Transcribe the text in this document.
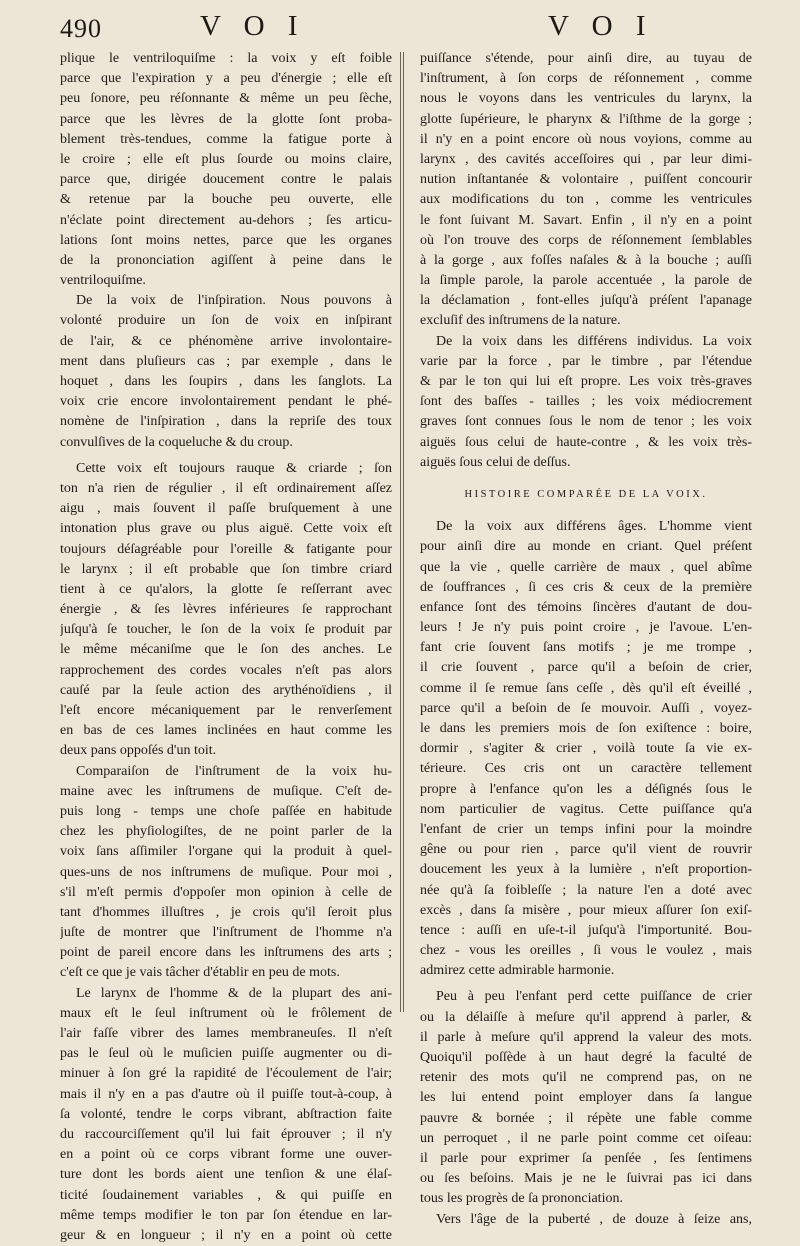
490	V O I	V O I
plique le ventriloquiſme : la voix y eſt foible
parce que l'expiration y a peu d'énergie ; elle eſt
peu ſonore, peu réſonnante & même un peu ſèche,
parce que les lèvres de la glotte ſont proba-
blement très-tendues, comme la fatigue porte à
le croire ; elle eſt plus ſourde ou moins claire,
parce que, dirigée doucement contre le palais
& retenue par la bouche peu ouverte, elle
n'éclate point directement au-dehors ; ſes articu-
lations ſont moins nettes, parce que les organes
de la prononciation agiſſent à peine dans le
ventriloquiſme.
De la voix de l'inſpiration. Nous pouvons à
volonté produire un ſon de voix en inſpirant
de l'air, & ce phénomène arrive involontaire-
ment dans pluſieurs cas ; par exemple , dans le
hoquet , dans les ſoupirs , dans les ſanglots. La
voix crie encore involontairement pendant le phé-
nomène de l'inſpiration , dans la repriſe des toux
convulſives de la coqueluche & du croup.
Cette voix eſt toujours rauque & criarde ; ſon
ton n'a rien de régulier , il eſt ordinairement aſſez
aigu , mais ſouvent il paſſe bruſquement à une
intonation plus grave ou plus aiguë. Cette voix eſt
toujours déſagréable pour l'oreille & fatigante pour
le larynx ; il eſt probable que ſon timbre criard
tient à ce qu'alors, la glotte ſe reſſerrant avec
énergie , & ſes lèvres inférieures ſe rapprochant
juſqu'à ſe toucher, le ſon de la voix ſe produit par
le même mécaniſme que le ſon des anches. Le
rapprochement des cordes vocales n'eſt pas alors
cauſé par la ſeule action des arythénoïdiens , il
l'eſt encore mécaniquement par le renverſement
en bas de ces lames inclinées en haut comme les
deux pans oppoſés d'un toit.
Comparaiſon de l'inſtrument de la voix hu-
maine avec les inſtrumens de muſique. C'eſt de-
puis long - temps une choſe paſſée en habitude
chez les phyſiologiſtes, de ne point parler de la
voix ſans aſſimiler l'organe qui la produit à quel-
ques-uns de nos inſtrumens de muſique. Pour moi ,
s'il m'eſt permis d'oppoſer mon opinion à celle de
tant d'hommes illuſtres , je crois qu'il ſeroit plus
juſte de montrer que l'inſtrument de l'homme n'a
point de pareil encore dans les inſtrumens des arts ;
c'eſt ce que je vais tâcher d'établir en peu de mots.
Le larynx de l'homme & de la plupart des ani-
maux eſt le ſeul inſtrument où le frôlement de
l'air faſſe vibrer des lames membraneuſes. Il n'eſt
pas le ſeul où le muſicien puiſſe augmenter ou di-
minuer à ſon gré la rapidité de l'écoulement de l'air;
mais il n'y en a pas d'autre où il puiſſe tout-à-coup, à
ſa volonté, tendre le corps vibrant, abſtraction faite
du raccourciſſement qu'il lui fait éprouver ; il n'y
en a point où ce corps vibrant forme une ouver-
ture dont les bords aient une tenſion & une élaſ-
ticité ſoudainement variables , & qui puiſſe en
même temps modifier le ton par ſon étendue en lar-
geur & en longueur ; il n'y en a point où cette
puiſſance s'étende, pour ainſi dire, au tuyau de
l'inſtrument, à ſon corps de réſonnement , comme
nous le voyons dans les ventricules du larynx, la
glotte ſupérieure, le pharynx & l'iſthme de la gorge ;
il n'y en a point encore où nous voyions, comme au
larynx , des cavités acceſſoires qui , par leur dimi-
nution inſtantanée & volontaire , puiſſent concourir
aux modifications du ton , comme les ventricules
le font ſuivant M. Savart. Enfin , il n'y en a point
où l'on trouve des corps de réſonnement ſemblables
à la gorge , aux foſſes naſales & à la bouche ; auſſi
la ſimple parole, la parole accentuée , la parole de
la déclamation , font-elles juſqu'à préſent l'apanage
excluſif des inſtrumens de la nature.
De la voix dans les différens individus. La voix
varie par la force , par le timbre , par l'étendue
& par le ton qui lui eſt propre. Les voix très-graves
ſont des baſſes - tailles ; les voix médiocrement
graves ſont connues ſous le nom de tenor ; les voix
aiguës ſous celui de haute-contre , & les voix très-
aiguës ſous celui de deſſus.
HISTOIRE COMPARÉE DE LA VOIX.
De la voix aux différens âges. L'homme vient
pour ainſi dire au monde en criant. Quel préſent
que la vie , quelle carrière de maux , quel abîme
de ſouffrances , ſi ces cris & ceux de la première
enfance ſont des témoins ſincères d'autant de dou-
leurs ! Je n'y puis point croire , je l'avoue. L'en-
fant crie ſouvent ſans motifs ; je me trompe ,
il crie ſouvent , parce qu'il a beſoin de crier,
comme il ſe remue ſans ceſſe , dès qu'il eſt éveillé ,
parce qu'il a beſoin de ſe mouvoir. Auſſi , voyez-
le dans les premiers mois de ſon exiſtence : boire,
dormir , s'agiter & crier , voilà toute ſa vie ex-
térieure. Ces cris ont un caractère tellement
propre à l'enfance qu'on les a déſignés ſous le
nom particulier de vagitus. Cette puiſſance qu'a
l'enfant de crier un temps infini pour la moindre
gêne ou pour rien , parce qu'il vient de rouvrir
doucement les yeux à la lumière , n'eſt proportion-
née qu'à ſa foibleſſe ; la nature l'en a doté avec
excès , dans ſa misère , pour mieux aſſurer ſon exiſ-
tence : auſſi en uſe-t-il juſqu'à l'importunité. Bou-
chez - vous les oreilles , ſi vous le voulez , mais
admirez cette admirable harmonie.
Peu à peu l'enfant perd cette puiſſance de crier
ou la délaiſſe à meſure qu'il apprend à parler, &
il parle à meſure qu'il apprend la valeur des mots.
Quoiqu'il poſſède à un haut degré la faculté de
retenir des mots qu'il ne comprend pas, on ne
les lui entend point employer dans ſa langue
pauvre & bornée ; il répète une fable comme
un perroquet , il ne parle point comme cet oiſeau:
il parle pour exprimer ſa penſée , ſes ſentimens
ou ſes beſoins. Mais je ne le ſuivrai pas ici dans
tous les progrès de ſa prononciation.
Vers l'âge de la puberté , de douze à ſeize ans,
